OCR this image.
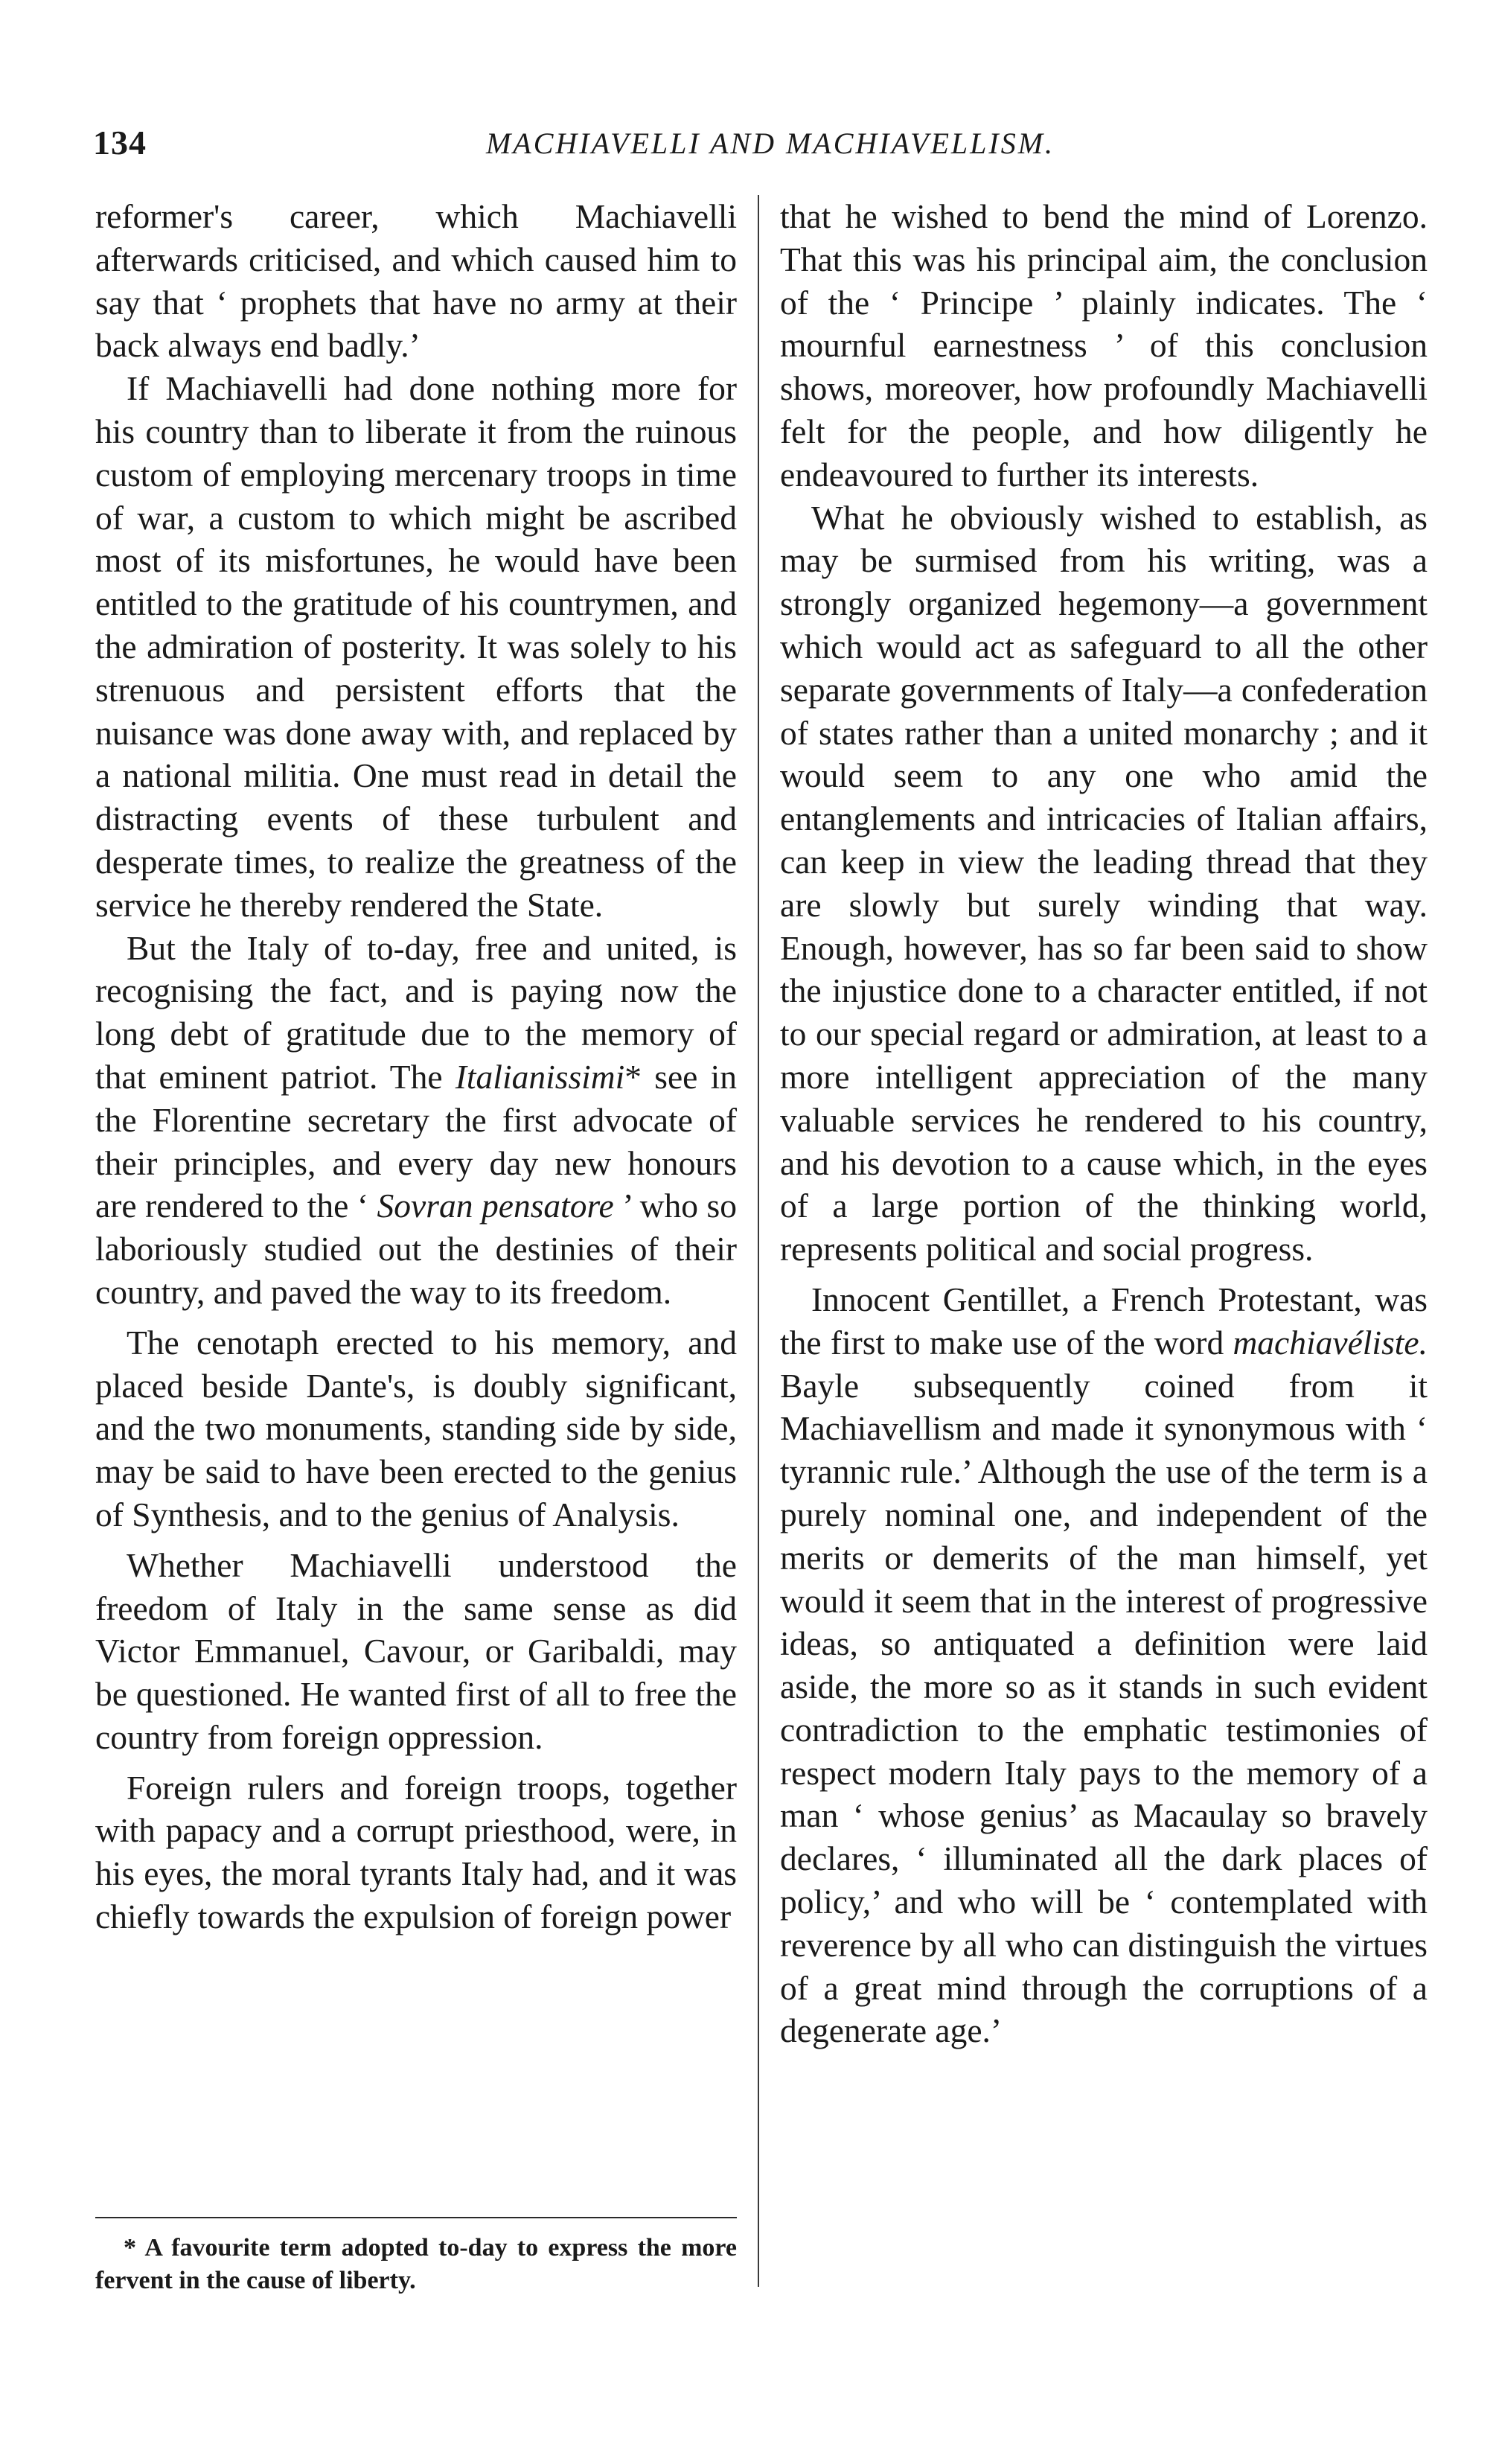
134	MACHIAVELLI AND MACHIAVELLISM.

reformer's career, which Machiavelli afterwards criticised, and which caused him to say that ‘ prophets that have no army at their back always end badly.’

If Machiavelli had done nothing more for his country than to liberate it from the ruinous custom of employing mercenary troops in time of war, a custom to which might be ascribed most of its misfortunes, he would have been entitled to the gratitude of his countrymen, and the admiration of posterity. It was solely to his strenuous and persistent efforts that the nuisance was done away with, and replaced by a national militia. One must read in detail the distracting events of these turbulent and desperate times, to realize the greatness of the service he thereby rendered the State.

But the Italy of to-day, free and united, is recognising the fact, and is paying now the long debt of gratitude due to the memory of that eminent patriot. The Italianissimi* see in the Florentine secretary the first advocate of their principles, and every day new honours are rendered to the ‘ Sovran pensatore ’ who so laboriously studied out the destinies of their country, and paved the way to its freedom.

The cenotaph erected to his memory, and placed beside Dante's, is doubly significant, and the two monuments, standing side by side, may be said to have been erected to the genius of Synthesis, and to the genius of Analysis.

Whether Machiavelli understood the freedom of Italy in the same sense as did Victor Emmanuel, Cavour, or Garibaldi, may be questioned. He wanted first of all to free the country from foreign oppression.

Foreign rulers and foreign troops, together with papacy and a corrupt priesthood, were, in his eyes, the moral tyrants Italy had, and it was chiefly towards the expulsion of foreign power

that he wished to bend the mind of Lorenzo. That this was his principal aim, the conclusion of the ‘ Principe ’ plainly indicates. The ‘ mournful earnestness ’ of this conclusion shows, moreover, how profoundly Machiavelli felt for the people, and how diligently he endeavoured to further its interests.

What he obviously wished to establish, as may be surmised from his writing, was a strongly organized hegemony—a government which would act as safeguard to all the other separate governments of Italy—a confederation of states rather than a united monarchy ; and it would seem to any one who amid the entanglements and intricacies of Italian affairs, can keep in view the leading thread that they are slowly but surely winding that way. Enough, however, has so far been said to show the injustice done to a character entitled, if not to our special regard or admiration, at least to a more intelligent appreciation of the many valuable services he rendered to his country, and his devotion to a cause which, in the eyes of a large portion of the thinking world, represents political and social progress.

Innocent Gentillet, a French Protestant, was the first to make use of the word machiavéliste. Bayle subsequently coined from it Machiavellism and made it synonymous with ‘ tyrannic rule.’ Although the use of the term is a purely nominal one, and independent of the merits or demerits of the man himself, yet would it seem that in the interest of progressive ideas, so antiquated a definition were laid aside, the more so as it stands in such evident contradiction to the emphatic testimonies of respect modern Italy pays to the memory of a man ‘ whose genius’ as Macaulay so bravely declares, ‘ illuminated all the dark places of policy,’ and who will be ‘ contemplated with reverence by all who can distinguish the virtues of a great mind through the corruptions of a degenerate age.’

* A favourite term adopted to-day to express the more fervent in the cause of liberty.
